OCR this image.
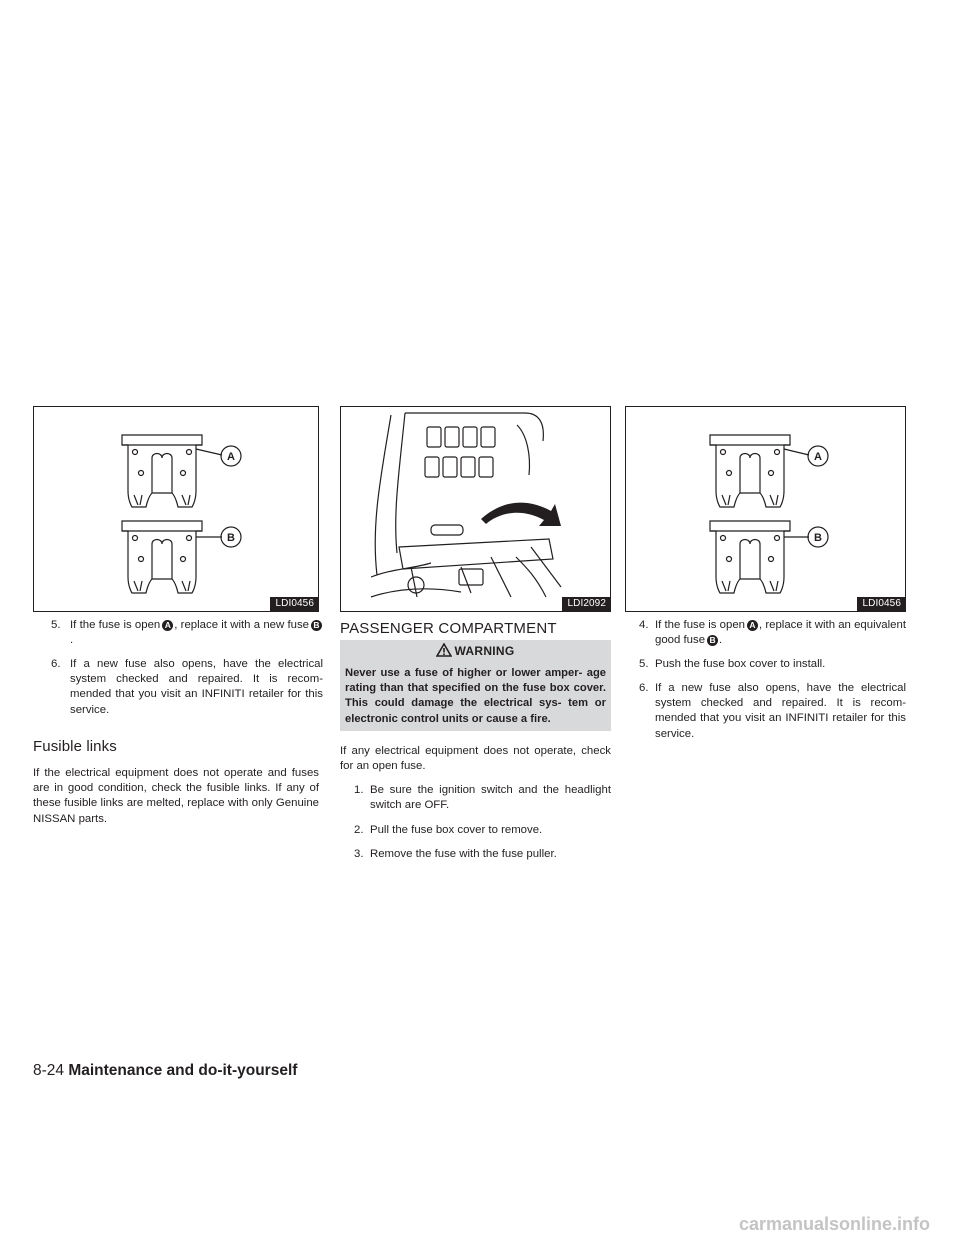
A
B
LDI0456	LDI2092
A
B
LDI0456
5. If the fuse is open A , replace it with a new fuse B.
6. If a new fuse also opens, have the electrical system checked and repaired. It is recom- mended that you visit an INFINITI retailer for this service.
Fusible links
If the electrical equipment does not operate and fuses are in good condition, check the fusible links. If any of these fusible links are melted, replace with only Genuine NISSAN parts.
PASSENGER COMPARTMENT
WARNING
Never use a fuse of higher or lower amper- age rating than that specified on the fuse box cover. This could damage the electrical sys- tem or electronic control units or cause a fire.
If any electrical equipment does not operate, check for an open fuse.
1. Be sure the ignition switch and the headlight switch are OFF.
2. Pull the fuse box cover to remove.
3. Remove the fuse with the fuse puller.
4. If the fuse is open A , replace it with an equivalent good fuse B .
5. Push the fuse box cover to install.
6. If a new fuse also opens, have the electrical system checked and repaired. It is recom- mended that you visit an INFINITI retailer for this service.
8-24 Maintenance and do-it-yourself
carmanualsonline.info
